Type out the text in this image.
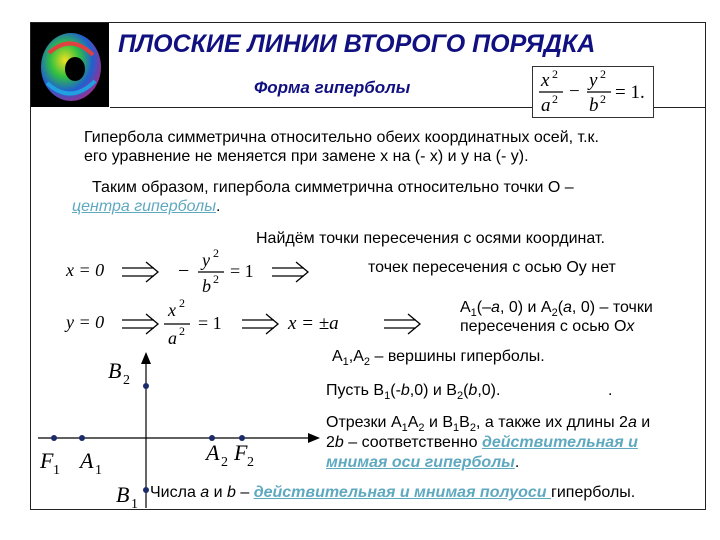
ПЛОСКИЕ ЛИНИИ ВТОРОГО ПОРЯДКА
Форма гиперболы	x 2
a 2 −
y 2
b 2 = 1.
Гипербола симметрична относительно обеих координатных осей, т.к.
его уравнение не меняется при замене x на (- x) и y на (- y).
Таким образом, гипербола симметрична относительно точки O –
центра гиперболы.
Найдём точки пересечения с осями координат.
x = 0	− y 2
b 2 = 1	точек пересечения с осью Oy нет
y = 0
x 2
a 2 = 1	x = ±a
$A_1(-a$, 0) и $A_2(a$, 0) – точки
пересечения с осью Ox
$A_1,A_2$ – вершины гиперболы.
Пусть $B_1(-b,0)$ и $B_2(b,0)$.	.
Отрезки $A_1A_2$ и $B_1B_2$, а также их длины 2a и
2b – соответственно действительная и
мнимая оси гиперболы.
Числа a и b – действительная и мнимая полуоси гиперболы.
B 2
B 1
F 1 A 1
A 2 F 2
